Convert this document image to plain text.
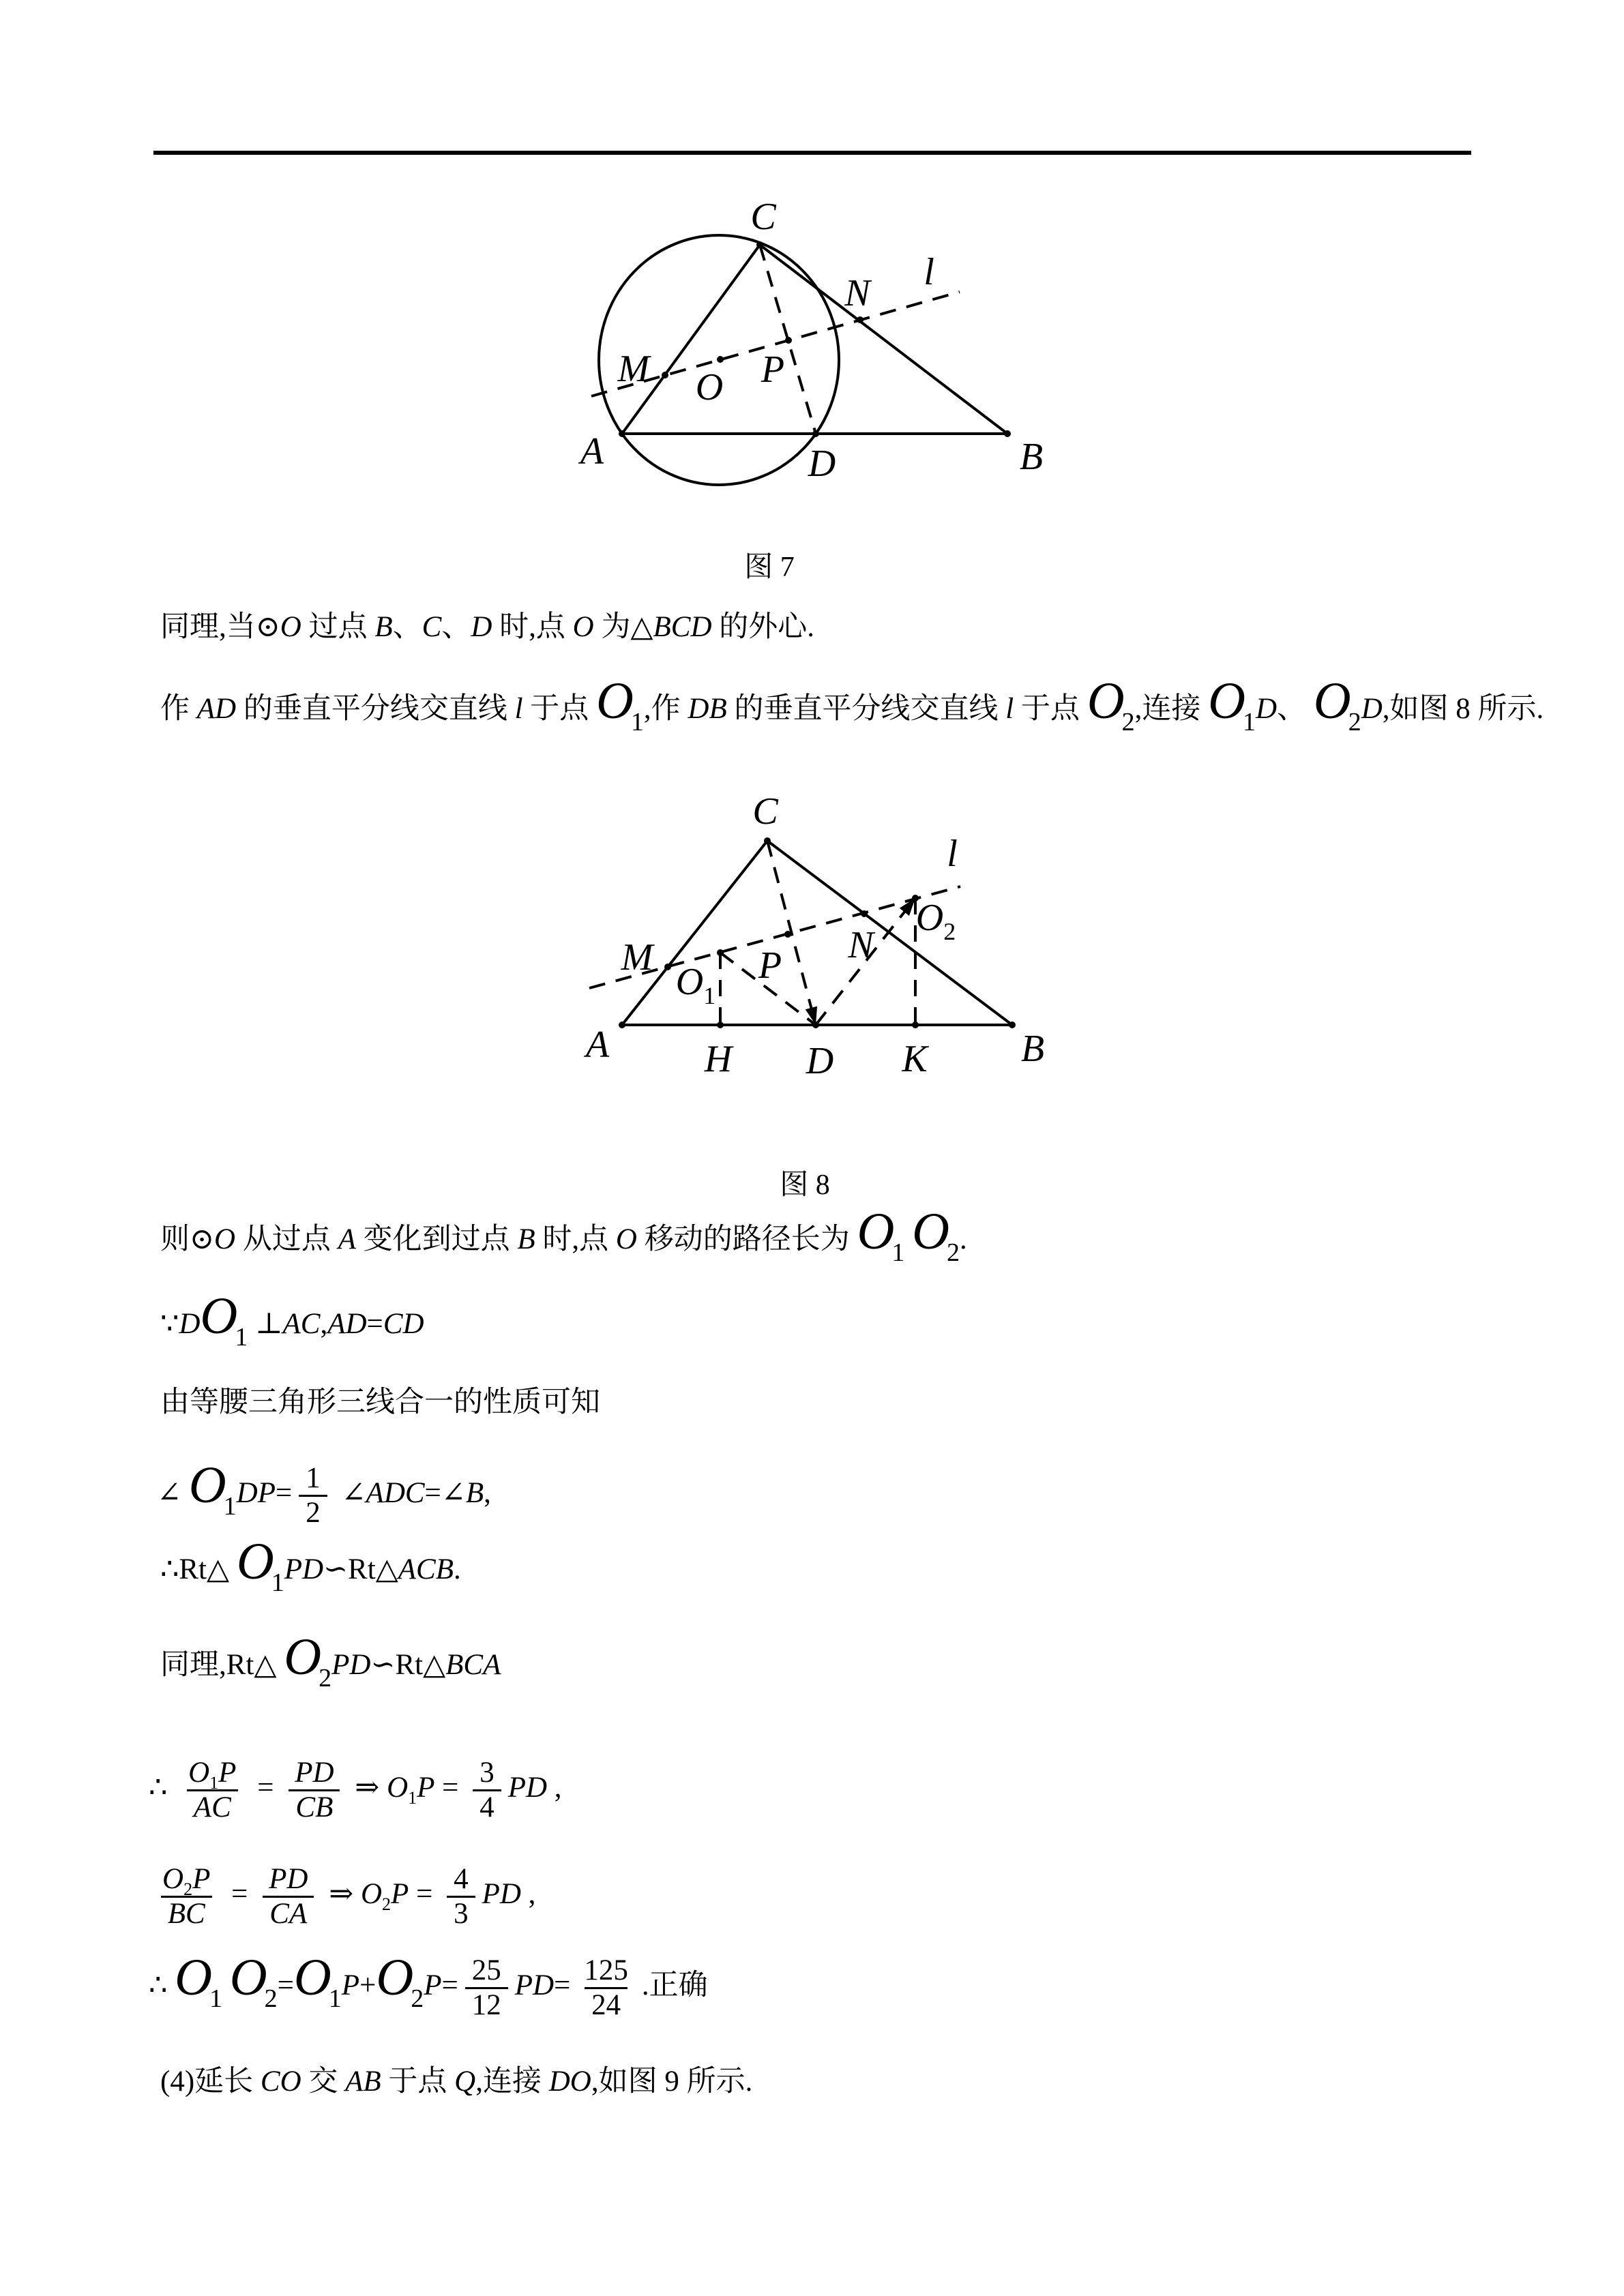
C
A	D	B
M O P
N l
图 7
C
l
$O_2$
N
M	P
$O_1$
A H D K B
图 8
同理,当⊙O 过点 B、C、D 时,点 O 为△BCD 的外心.
作 AD 的垂直平分线交直线 l 于点 O1,作 DB 的垂直平分线交直线 l 于点 O2,连接 O1D、 O2D,如图 8 所示.
则⊙O 从过点 A 变化到过点 B 时,点 O 移动的路径长为 O1 O2.
∵DO1 ⊥AC,AD=CD
由等腰三角形三线合一的性质可知
∠ $O1DP= \frac{1}{2}$ ∠ADC=∠B,
∴Rt△ O1PD∽Rt△ACB.
同理,Rt△ O2PD∽Rt△BCA
∴ $\frac{O_1P}{AC} = \frac{PD}{CB}$ ⇒ $O_1P = \frac{3}{4}$ PD ,
$\frac{O_2P}{BC} = \frac{PD}{CA}$ ⇒ $O_2P = \frac{4}{3}$ PD ,
∴ O1 $O2=O1P+O2P= \frac{25}{12} PD= \frac{125}{24}$ .正确
(4)延长 CO 交 AB 于点 Q,连接 DO,如图 9 所示.
